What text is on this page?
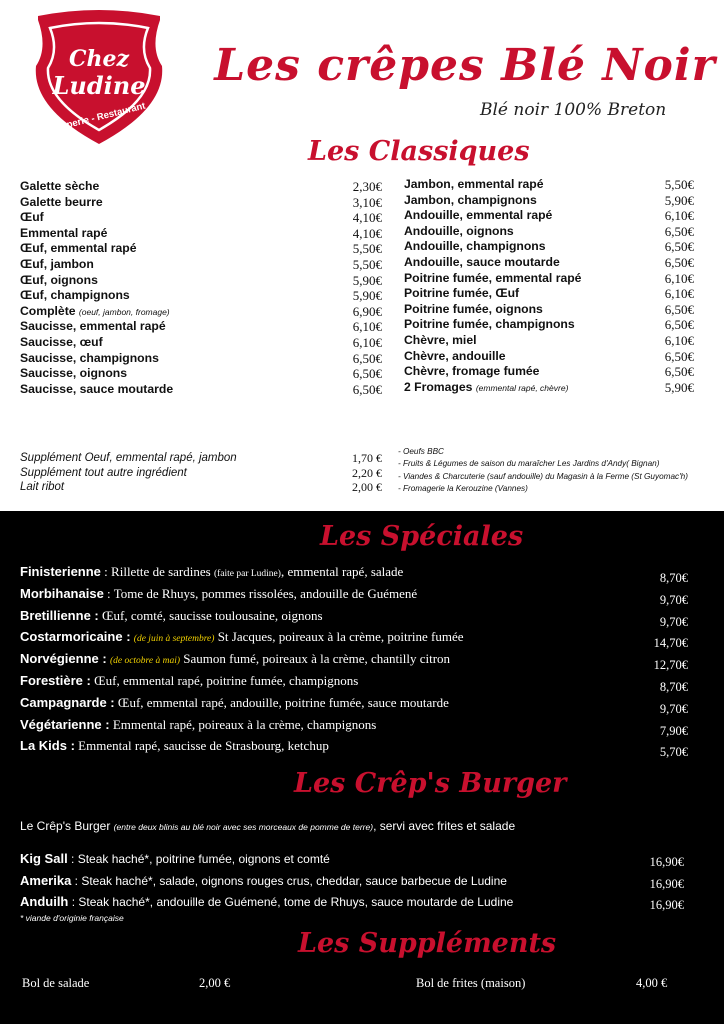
Chez
Ludine
Crêperie - Restaurant
Les crêpes Blé Noir
Blé noir 100% Breton
Les Classiques
Galette sèche	2,30€
Galette beurre	3,10€
Œuf	4,10€
Emmental rapé	4,10€
Œuf, emmental rapé	5,50€
Œuf, jambon	5,50€
Œuf, oignons	5,90€
Œuf, champignons	5,90€
Complète (oeuf, jambon, fromage)	6,90€
Saucisse, emmental rapé	6,10€
Saucisse, œuf	6,10€
Saucisse, champignons	6,50€
Saucisse, oignons	6,50€
Saucisse, sauce moutarde	6,50€
Jambon, emmental rapé	5,50€
Jambon, champignons	5,90€
Andouille, emmental rapé	6,10€
Andouille, oignons	6,50€
Andouille, champignons	6,50€
Andouille, sauce moutarde	6,50€
Poitrine fumée, emmental rapé	6,10€
Poitrine fumée, Œuf	6,10€
Poitrine fumée, oignons	6,50€
Poitrine fumée, champignons	6,50€
Chèvre, miel	6,10€
Chèvre, andouille	6,50€
Chèvre, fromage fumée	6,50€
2 Fromages (emmental rapé, chèvre)	5,90€
Supplément Oeuf, emmental rapé, jambon	1,70 €
Supplément tout autre ingrédient	2,20 €
Lait ribot	2,00 €
- Oeufs BBC
- Fruits & Légumes de saison du maraîcher Les Jardins d'Andy( Bignan)
- Viandes & Charcuterie (sauf andouille) du Magasin à la Ferme (St Guyomac'h)
- Fromagerie la Kerouzine (Vannes)
Les Spéciales
Finisterienne : Rillette de sardines (faite par Ludine), emmental rapé, salade	8,70€
Morbihanaise : Tome de Rhuys, pommes rissolées, andouille de Guémené	9,70€
Bretillienne : Œuf, comté, saucisse toulousaine, oignons	9,70€
Costarmoricaine : (de juin à septembre) St Jacques, poireaux à la crème, poitrine fumée	14,70€
Norvégienne : (de octobre à mai) Saumon fumé, poireaux à la crème, chantilly citron	12,70€
Forestière : Œuf, emmental rapé, poitrine fumée, champignons	8,70€
Campagnarde : Œuf, emmental rapé, andouille, poitrine fumée, sauce moutarde	9,70€
Végétarienne : Emmental rapé, poireaux à la crème, champignons	7,90€
La Kids : Emmental rapé, saucisse de Strasbourg, ketchup	5,70€
Les Crêp's Burger
Le Crêp's Burger (entre deux blinis au blé noir avec ses morceaux de pomme de terre), servi avec frites et salade
Kig Sall : Steak haché*, poitrine fumée, oignons et comté	16,90€
Amerika : Steak haché*, salade, oignons rouges crus, cheddar, sauce barbecue de Ludine	16,90€
Anduilh : Steak haché*, andouille de Guémené, tome de Rhuys, sauce moutarde de Ludine	16,90€
* viande d'originie française
Les Suppléments
Bol de salade	2,00 €	Bol de frites (maison)	4,00 €
